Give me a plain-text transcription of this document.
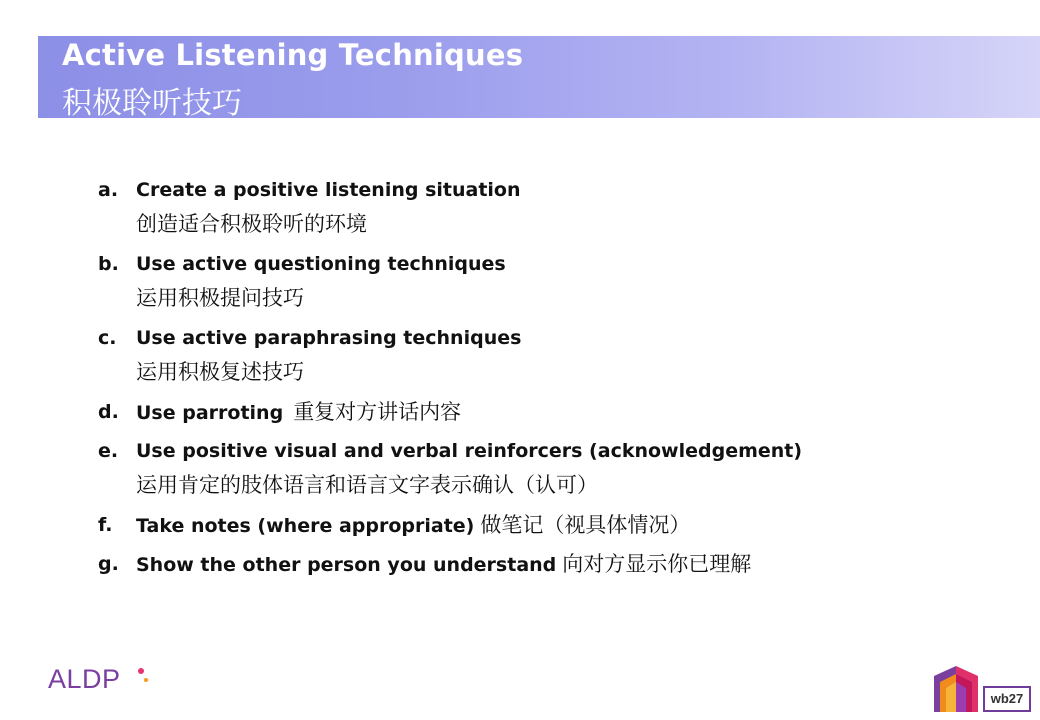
Active Listening Techniques
积极聆听技巧
a. Create a positive listening situation
创造适合积极聆听的环境
b. Use active questioning techniques
运用积极提问技巧
c. Use active paraphrasing techniques
运用积极复述技巧
d. Use parroting 重复对方讲话内容
e. Use positive visual and verbal reinforcers (acknowledgement)
运用肯定的肢体语言和语言文字表示确认（认可）
f. Take notes (where appropriate) 做笔记（视具体情况）
g. Show the other person you understand 向对方显示你已理解
ALDP

wb27
